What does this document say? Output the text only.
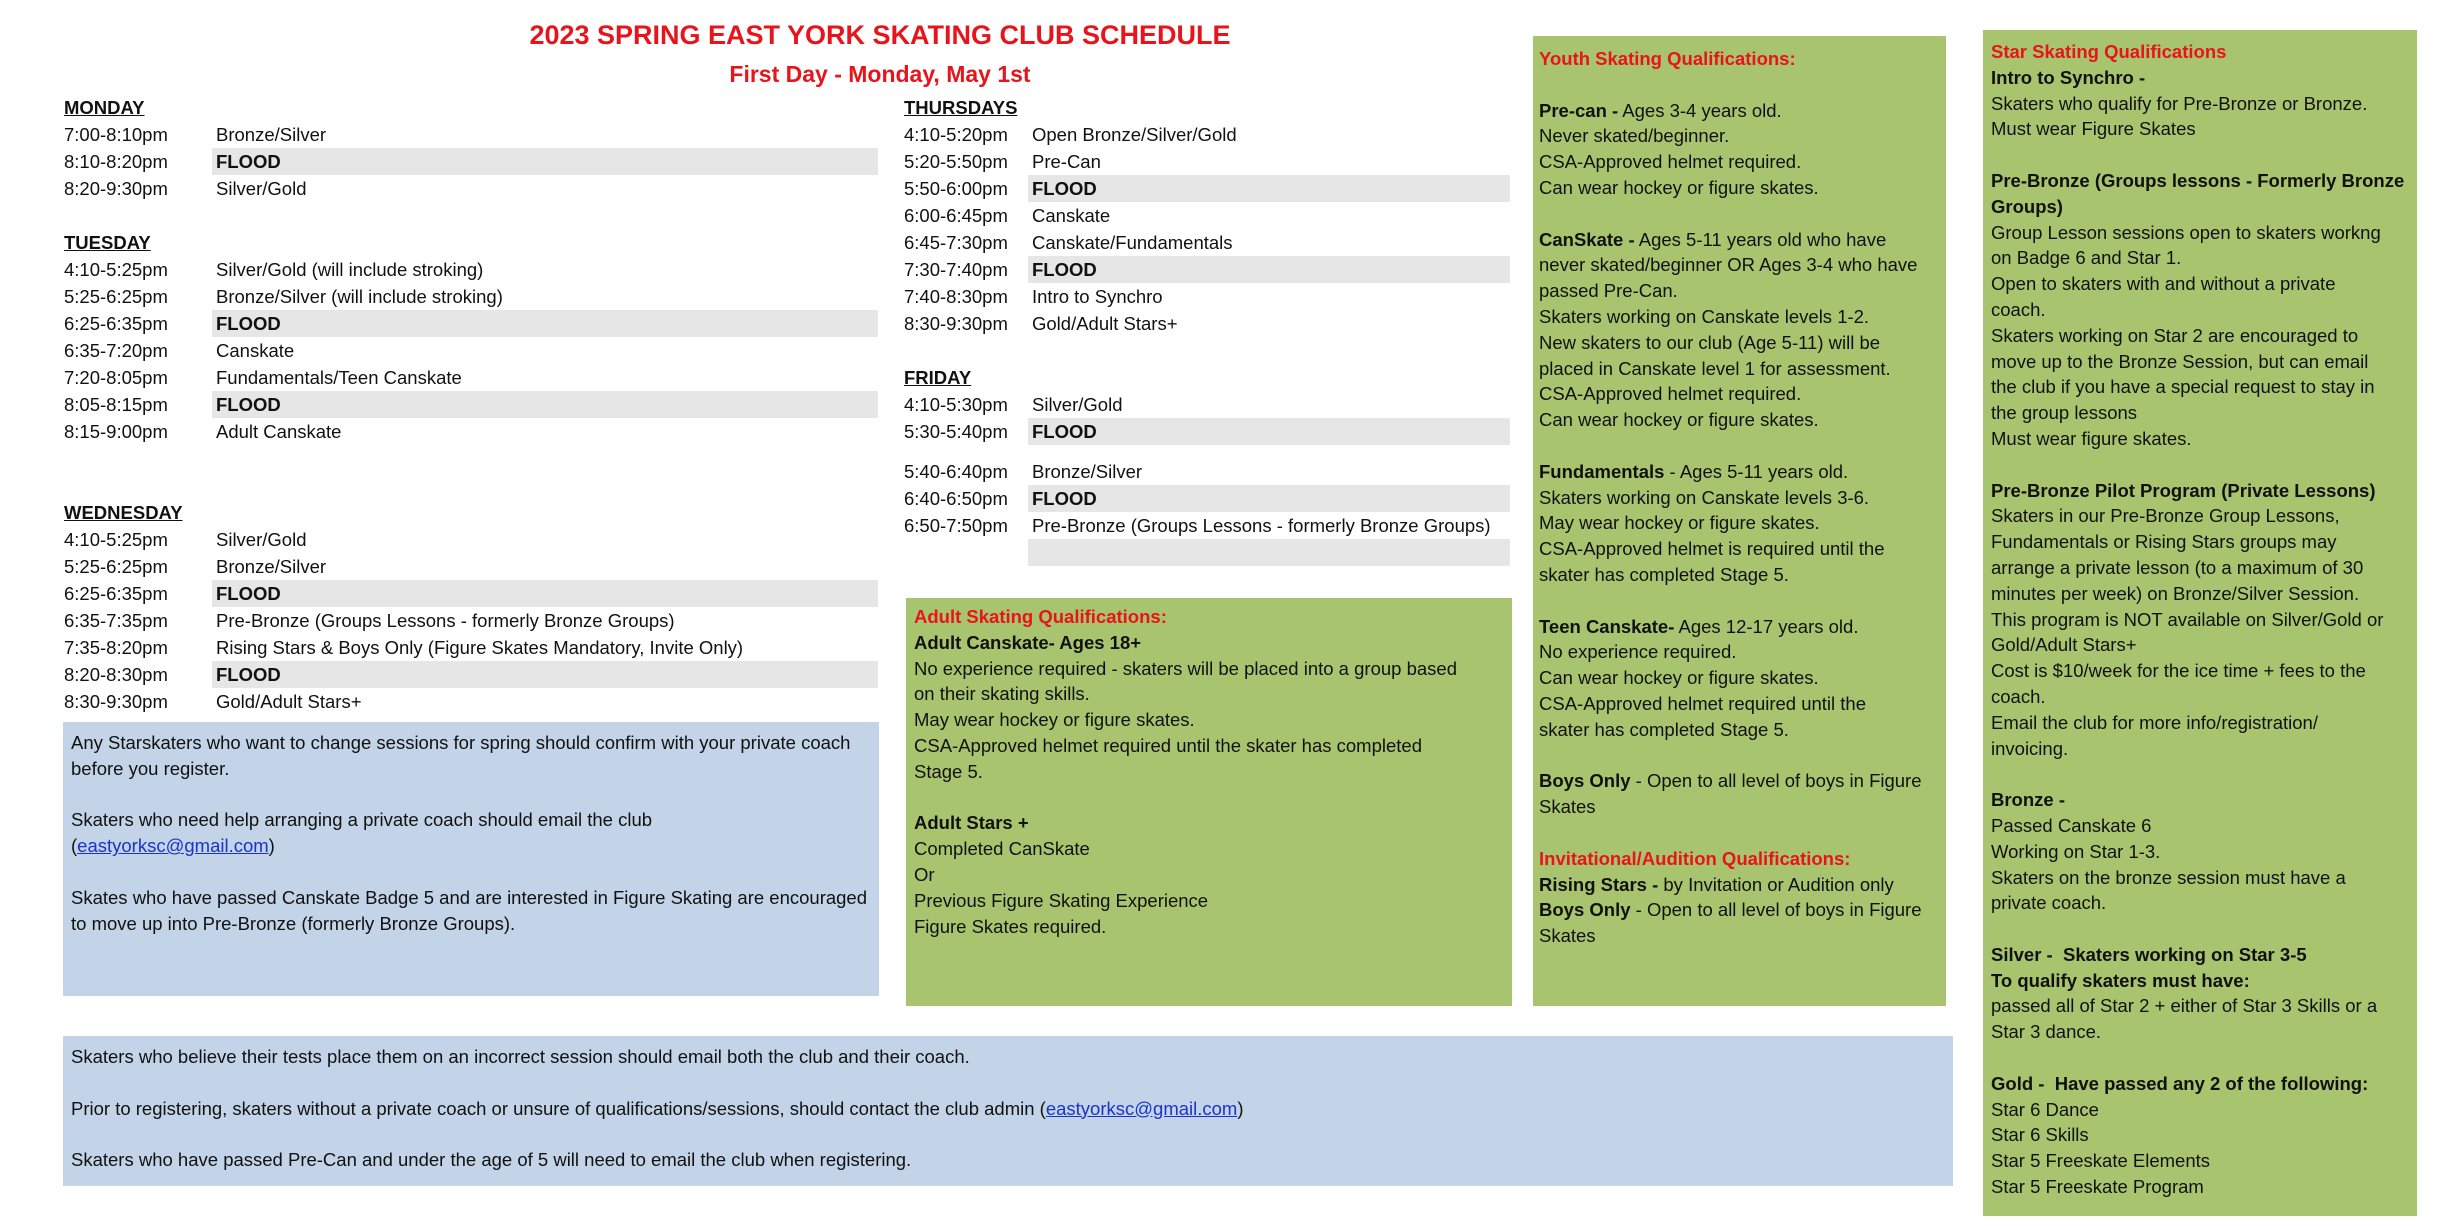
2023 SPRING EAST YORK SKATING CLUB SCHEDULE
First Day - Monday, May 1st
MONDAY
7:00-8:10pm	Bronze/Silver
8:10-8:20pm	FLOOD
8:20-9:30pm	Silver/Gold
TUESDAY
4:10-5:25pm	Silver/Gold (will include stroking)
5:25-6:25pm	Bronze/Silver (will include stroking)
6:25-6:35pm	FLOOD
6:35-7:20pm	Canskate
7:20-8:05pm	Fundamentals/Teen Canskate
8:05-8:15pm	FLOOD
8:15-9:00pm	Adult Canskate
WEDNESDAY
4:10-5:25pm	Silver/Gold
5:25-6:25pm	Bronze/Silver
6:25-6:35pm	FLOOD
6:35-7:35pm	Pre-Bronze (Groups Lessons - formerly Bronze Groups)
7:35-8:20pm	Rising Stars & Boys Only (Figure Skates Mandatory, Invite Only)
8:20-8:30pm	FLOOD
8:30-9:30pm	Gold/Adult Stars+
THURSDAYS
4:10-5:20pm	Open Bronze/Silver/Gold
5:20-5:50pm	Pre-Can
5:50-6:00pm	FLOOD
6:00-6:45pm	Canskate
6:45-7:30pm	Canskate/Fundamentals
7:30-7:40pm	FLOOD
7:40-8:30pm	Intro to Synchro
8:30-9:30pm	Gold/Adult Stars+
FRIDAY
4:10-5:30pm	Silver/Gold
5:30-5:40pm	FLOOD
5:40-6:40pm	Bronze/Silver
6:40-6:50pm	FLOOD
6:50-7:50pm	Pre-Bronze (Groups Lessons - formerly Bronze Groups)

Any Starskaters who want to change sessions for spring should confirm with your private coach before you register.

Skaters who need help arranging a private coach should email the club
(eastyorksc@gmail.com)

Skates who have passed Canskate Badge 5 and are interested in Figure Skating are encouraged to move up into Pre-Bronze (formerly Bronze Groups).

Adult Skating Qualifications:
Adult Canskate- Ages 18+
No experience required - skaters will be placed into a group based
on their skating skills.
May wear hockey or figure skates.
CSA-Approved helmet required until the skater has completed
Stage 5.
Adult Stars +
Completed CanSkate
Or
Previous Figure Skating Experience
Figure Skates required.
Youth Skating Qualifications:
Pre-can - Ages 3-4 years old.
Never skated/beginner.
CSA-Approved helmet required.
Can wear hockey or figure skates.
CanSkate - Ages 5-11 years old who have
never skated/beginner OR Ages 3-4 who have
passed Pre-Can.
Skaters working on Canskate levels 1-2.
New skaters to our club (Age 5-11) will be
placed in Canskate level 1 for assessment.
CSA-Approved helmet required.
Can wear hockey or figure skates.
Fundamentals - Ages 5-11 years old.
Skaters working on Canskate levels 3-6.
May wear hockey or figure skates.
CSA-Approved helmet is required until the
skater has completed Stage 5.
Teen Canskate- Ages 12-17 years old.
No experience required.
Can wear hockey or figure skates.
CSA-Approved helmet required until the
skater has completed Stage 5.
Boys Only - Open to all level of boys in Figure
Skates
Invitational/Audition Qualifications:
Rising Stars - by Invitation or Audition only
Boys Only - Open to all level of boys in Figure
Skates
Star Skating Qualifications
Intro to Synchro -
Skaters who qualify for Pre-Bronze or Bronze.
Must wear Figure Skates
Pre-Bronze (Groups lessons - Formerly Bronze
Groups)
Group Lesson sessions open to skaters workng
on Badge 6 and Star 1.
Open to skaters with and without a private
coach.
Skaters working on Star 2 are encouraged to
move up to the Bronze Session, but can email
the club if you have a special request to stay in
the group lessons
Must wear figure skates.
Pre-Bronze Pilot Program (Private Lessons)
Skaters in our Pre-Bronze Group Lessons,
Fundamentals or Rising Stars groups may
arrange a private lesson (to a maximum of 30
minutes per week) on Bronze/Silver Session.
This program is NOT available on Silver/Gold or
Gold/Adult Stars+
Cost is $10/week for the ice time + fees to the
coach.
Email the club for more info/registration/
invoicing.
Bronze -
Passed Canskate 6
Working on Star 1-3.
Skaters on the bronze session must have a
private coach.
Silver -  Skaters working on Star 3-5
To qualify skaters must have:
passed all of Star 2 + either of Star 3 Skills or a
Star 3 dance.
Gold -  Have passed any 2 of the following:
Star 6 Dance
Star 6 Skills
Star 5 Freeskate Elements
Star 5 Freeskate Program

Skaters who believe their tests place them on an incorrect session should email both the club and their coach.

Prior to registering, skaters without a private coach or unsure of qualifications/sessions, should contact the club admin (eastyorksc@gmail.com)

Skaters who have passed Pre-Can and under the age of 5 will need to email the club when registering.
